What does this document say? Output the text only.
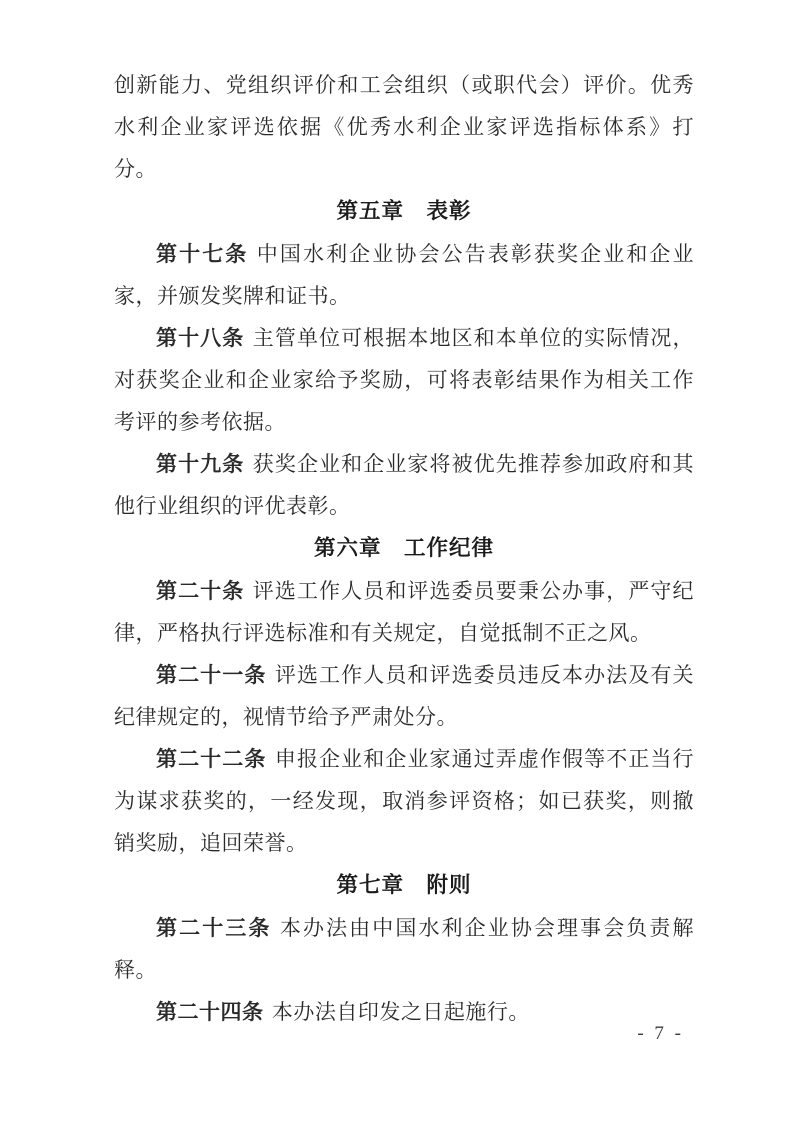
创新能力、党组织评价和工会组织（或职代会）评价。优秀水利企业家评选依据《优秀水利企业家评选指标体系》打分。

第五章　表彰

第十七条 中国水利企业协会公告表彰获奖企业和企业家，并颁发奖牌和证书。

第十八条 主管单位可根据本地区和本单位的实际情况，对获奖企业和企业家给予奖励，可将表彰结果作为相关工作考评的参考依据。

第十九条 获奖企业和企业家将被优先推荐参加政府和其他行业组织的评优表彰。

第六章　工作纪律

第二十条 评选工作人员和评选委员要秉公办事，严守纪律，严格执行评选标准和有关规定，自觉抵制不正之风。

第二十一条 评选工作人员和评选委员违反本办法及有关纪律规定的，视情节给予严肃处分。

第二十二条 申报企业和企业家通过弄虚作假等不正当行为谋求获奖的，一经发现，取消参评资格；如已获奖，则撤销奖励，追回荣誉。

第七章　附则

第二十三条 本办法由中国水利企业协会理事会负责解释。

第二十四条 本办法自印发之日起施行。

- 7 -
